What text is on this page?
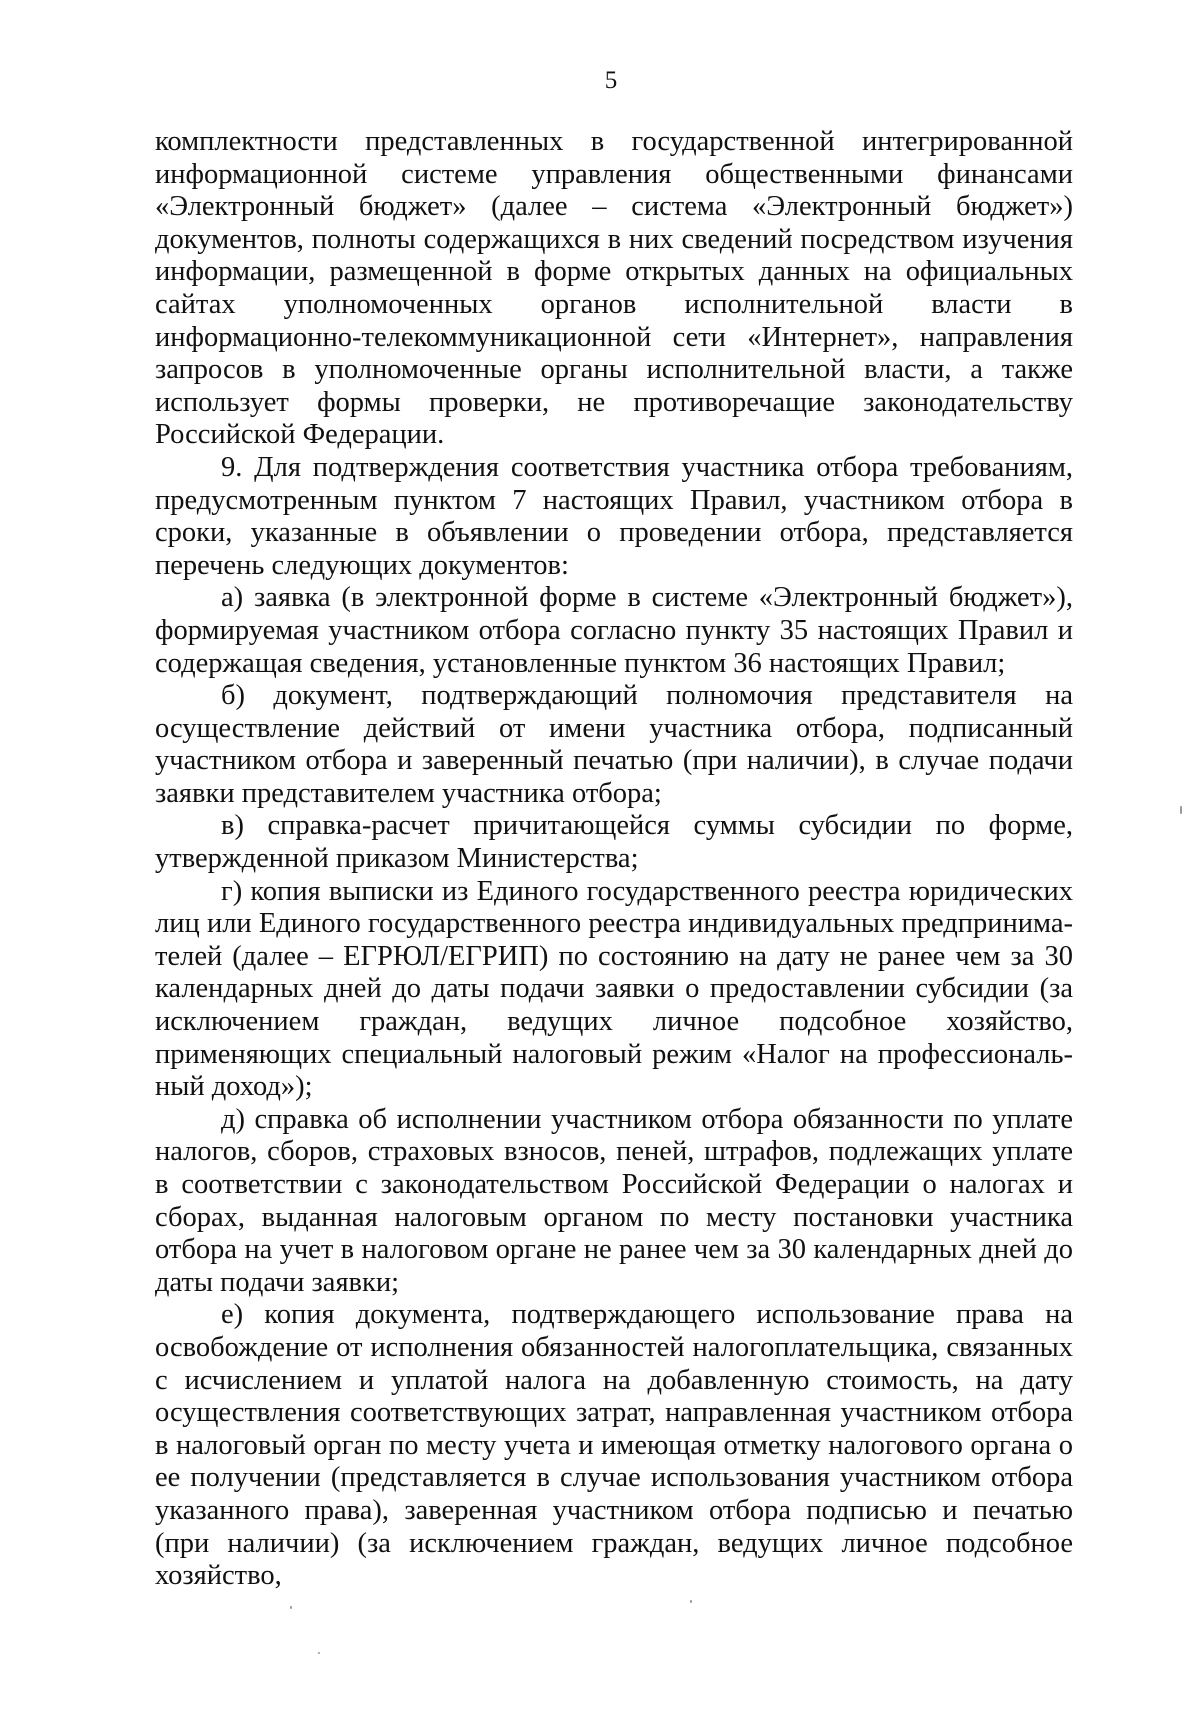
5

комплектности представленных в государственной интегрированной информационной системе управления общественными финансами «Электронный бюджет» (далее – система «Электронный бюджет») документов, полноты содержащихся в них сведений посредством изучения информации, размещенной в форме открытых данных на официальных сайтах уполномоченных органов исполнительной власти в информационно-телекоммуникационной сети «Интернет», направления запросов в уполномоченные органы исполнительной власти, а также использует формы проверки, не противоречащие законодательству Российской Федерации.

9. Для подтверждения соответствия участника отбора требованиям, предусмотренным пунктом 7 настоящих Правил, участником отбора в сроки, указанные в объявлении о проведении отбора, представляется перечень следующих документов:

а) заявка (в электронной форме в системе «Электронный бюджет»), формируемая участником отбора согласно пункту 35 настоящих Правил и содержащая сведения, установленные пунктом 36 настоящих Правил;

б) документ, подтверждающий полномочия представителя на осуществление действий от имени участника отбора, подписанный участником отбора и заверенный печатью (при наличии), в случае подачи заявки представителем участника отбора;

в) справка-расчет причитающейся суммы субсидии по форме, утвержденной приказом Министерства;

г) копия выписки из Единого государственного реестра юридических лиц или Единого государственного реестра индивидуальных предпринимателей (далее – ЕГРЮЛ/ЕГРИП) по состоянию на дату не ранее чем за 30 календарных дней до даты подачи заявки о предоставлении субсидии (за исключением граждан, ведущих личное подсобное хозяйство, применяющих специальный налоговый режим «Налог на профессиональный доход»);

д) справка об исполнении участником отбора обязанности по уплате налогов, сборов, страховых взносов, пеней, штрафов, подлежащих уплате в соответствии с законодательством Российской Федерации о налогах и сборах, выданная налоговым органом по месту постановки участника отбора на учет в налоговом органе не ранее чем за 30 календарных дней до даты подачи заявки;

е) копия документа, подтверждающего использование права на освобождение от исполнения обязанностей налогоплательщика, связанных с исчислением и уплатой налога на добавленную стоимость, на дату осуществления соответствующих затрат, направленная участником отбора в налоговый орган по месту учета и имеющая отметку налогового органа о ее получении (представляется в случае использования участником отбора указанного права), заверенная участником отбора подписью и печатью (при наличии) (за исключением граждан, ведущих личное подсобное хозяйство,
